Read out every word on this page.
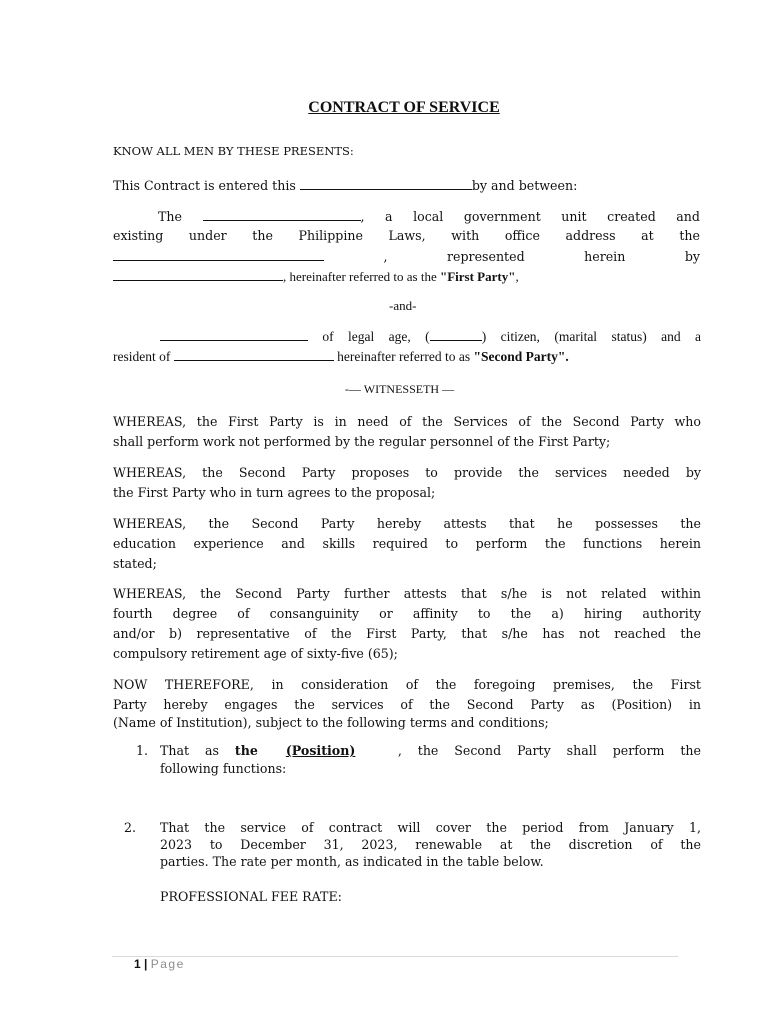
CONTRACT OF SERVICE
KNOW ALL MEN BY THESE PRESENTS:
This Contract is entered this	by and between:
The	, a local government unit created and
existing under the Philippine Laws, with office address at the
, represented herein by
, hereinafter referred to as the "First Party",
-and-
of legal age, (	) citizen, (marital status) and a
resident of	hereinafter referred to as "Second Party".
-— WITNESSETH —
WHEREAS, the First Party is in need of the Services of the Second Party who
shall perform work not performed by the regular personnel of the First Party;
WHEREAS, the Second Party proposes to provide the services needed by
the First Party who in turn agrees to the proposal;
WHEREAS, the Second Party hereby attests that he possesses the
education experience and skills required to perform the functions herein
stated;
WHEREAS, the Second Party further attests that s/he is not related within
fourth degree of consanguinity or affinity to the a) hiring authority
and/or b) representative of the First Party, that s/he has not reached the
compulsory retirement age of sixty-five (65);
NOW THEREFORE, in consideration of the foregoing premises, the First
Party hereby engages the services of the Second Party as (Position) in
(Name of Institution), subject to the following terms and conditions;
1. That as the (Position)	, the Second Party shall perform the
following functions:
2. That the service of contract will cover the period from January 1,
2023 to December 31, 2023, renewable at the discretion of the
parties. The rate per month, as indicated in the table below.
PROFESSIONAL FEE RATE:
1 | Page
